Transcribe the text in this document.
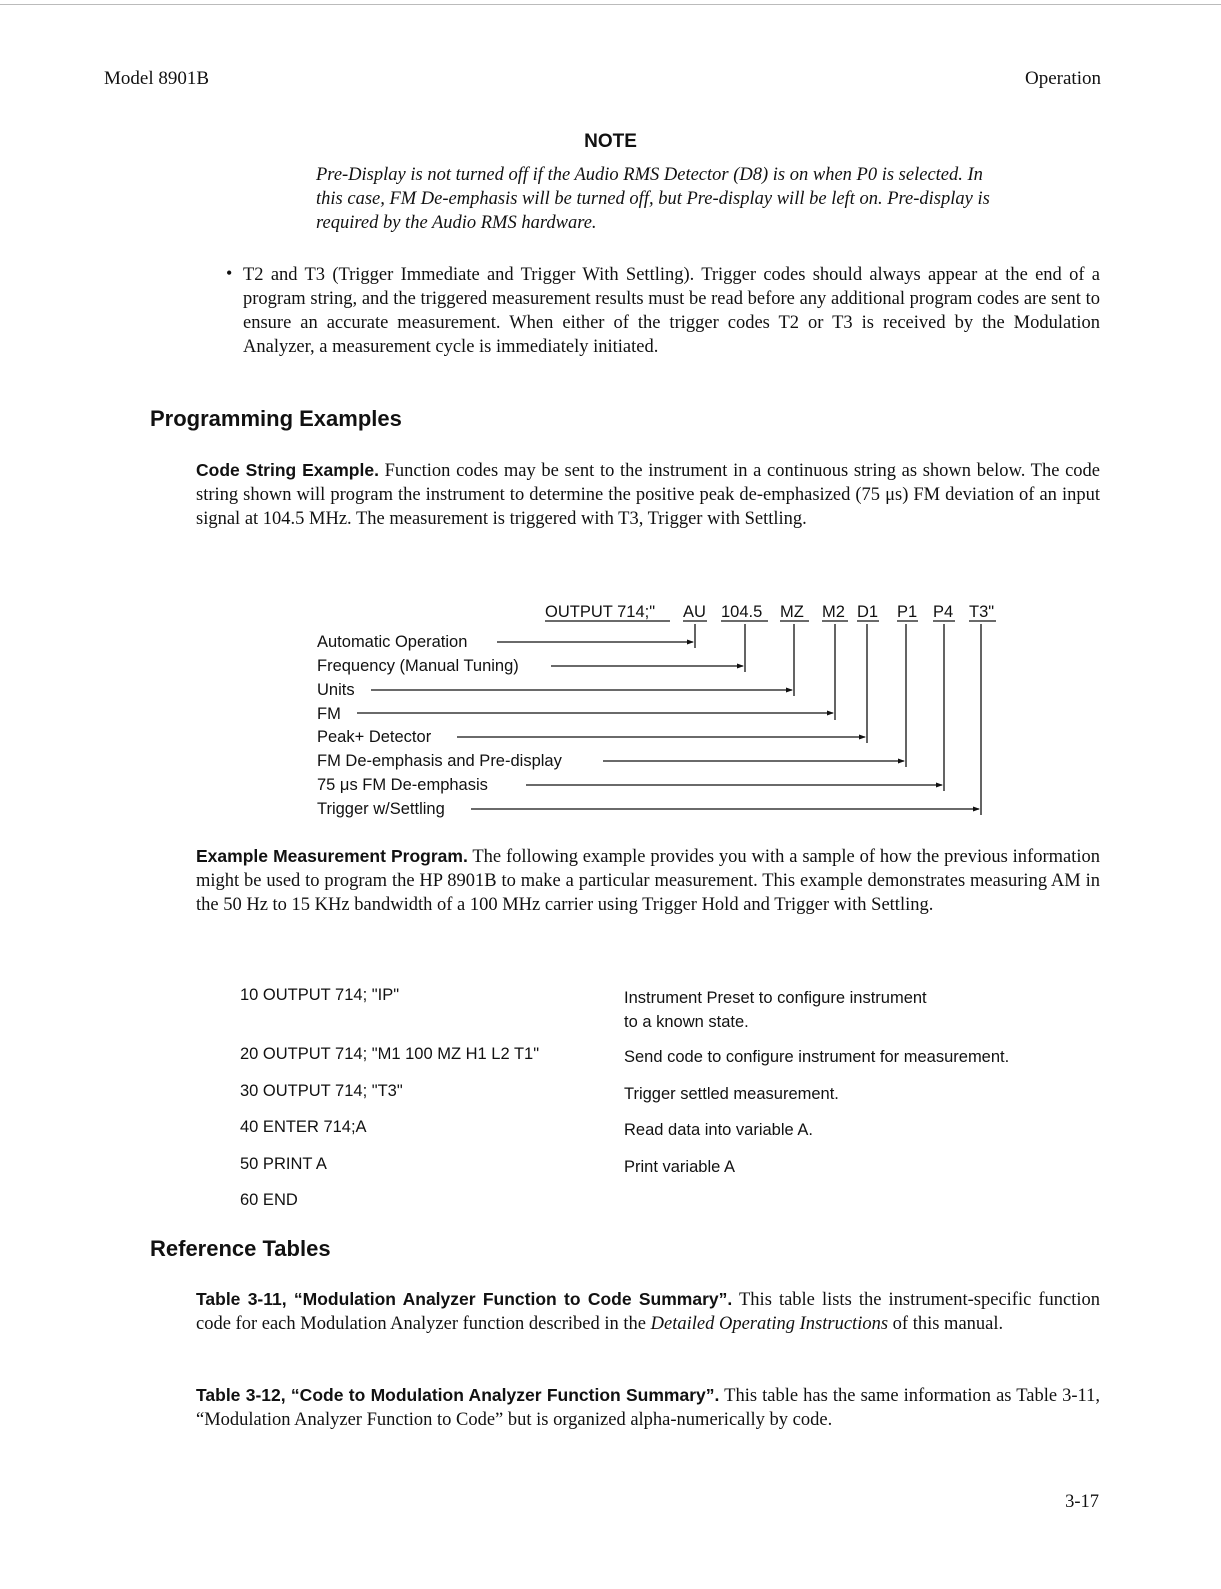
Model 8901B	Operation
NOTE
Pre-Display is not turned off if the Audio RMS Detector (D8) is on when P0 is selected. In this case, FM De-emphasis will be turned off, but Pre-display will be left on. Pre-display is required by the Audio RMS hardware.
• T2 and T3 (Trigger Immediate and Trigger With Settling). Trigger codes should always appear at the end of a program string, and the triggered measurement results must be read before any additional program codes are sent to ensure an accurate measurement. When either of the trigger codes T2 or T3 is received by the Modulation Analyzer, a measurement cycle is immediately initiated.
Programming Examples
Code String Example. Function codes may be sent to the instrument in a continuous string as shown below. The code string shown will program the instrument to determine the positive peak de-emphasized (75 μs) FM deviation of an input signal at 104.5 MHz. The measurement is triggered with T3, Trigger with Settling.
OUTPUT 714;" AU 104.5 MZ M2 D1 P1 P4 T3"
Automatic Operation
Frequency (Manual Tuning)
Units
FM
Peak+ Detector
FM De-emphasis and Pre-display
75 μs FM De-emphasis
Trigger w/Settling
Example Measurement Program. The following example provides you with a sample of how the previous information might be used to program the HP 8901B to make a particular measurement. This example demonstrates measuring AM in the 50 Hz to 15 KHz bandwidth of a 100 MHz carrier using Trigger Hold and Trigger with Settling.
10 OUTPUT 714; "IP"	Instrument Preset to configure instrument
to a known state.
20 OUTPUT 714; "M1 100 MZ H1 L2 T1"	Send code to configure instrument for measurement.
30 OUTPUT 714; "T3"	Trigger settled measurement.
40 ENTER 714;A	Read data into variable A.
50 PRINT A	Print variable A
60 END
Reference Tables
Table 3-11, “Modulation Analyzer Function to Code Summary”. This table lists the instrument-specific function code for each Modulation Analyzer function described in the Detailed Operating Instructions of this manual.
Table 3-12, “Code to Modulation Analyzer Function Summary”. This table has the same information as Table 3-11, “Modulation Analyzer Function to Code” but is organized alpha-numerically by code.
3-17
